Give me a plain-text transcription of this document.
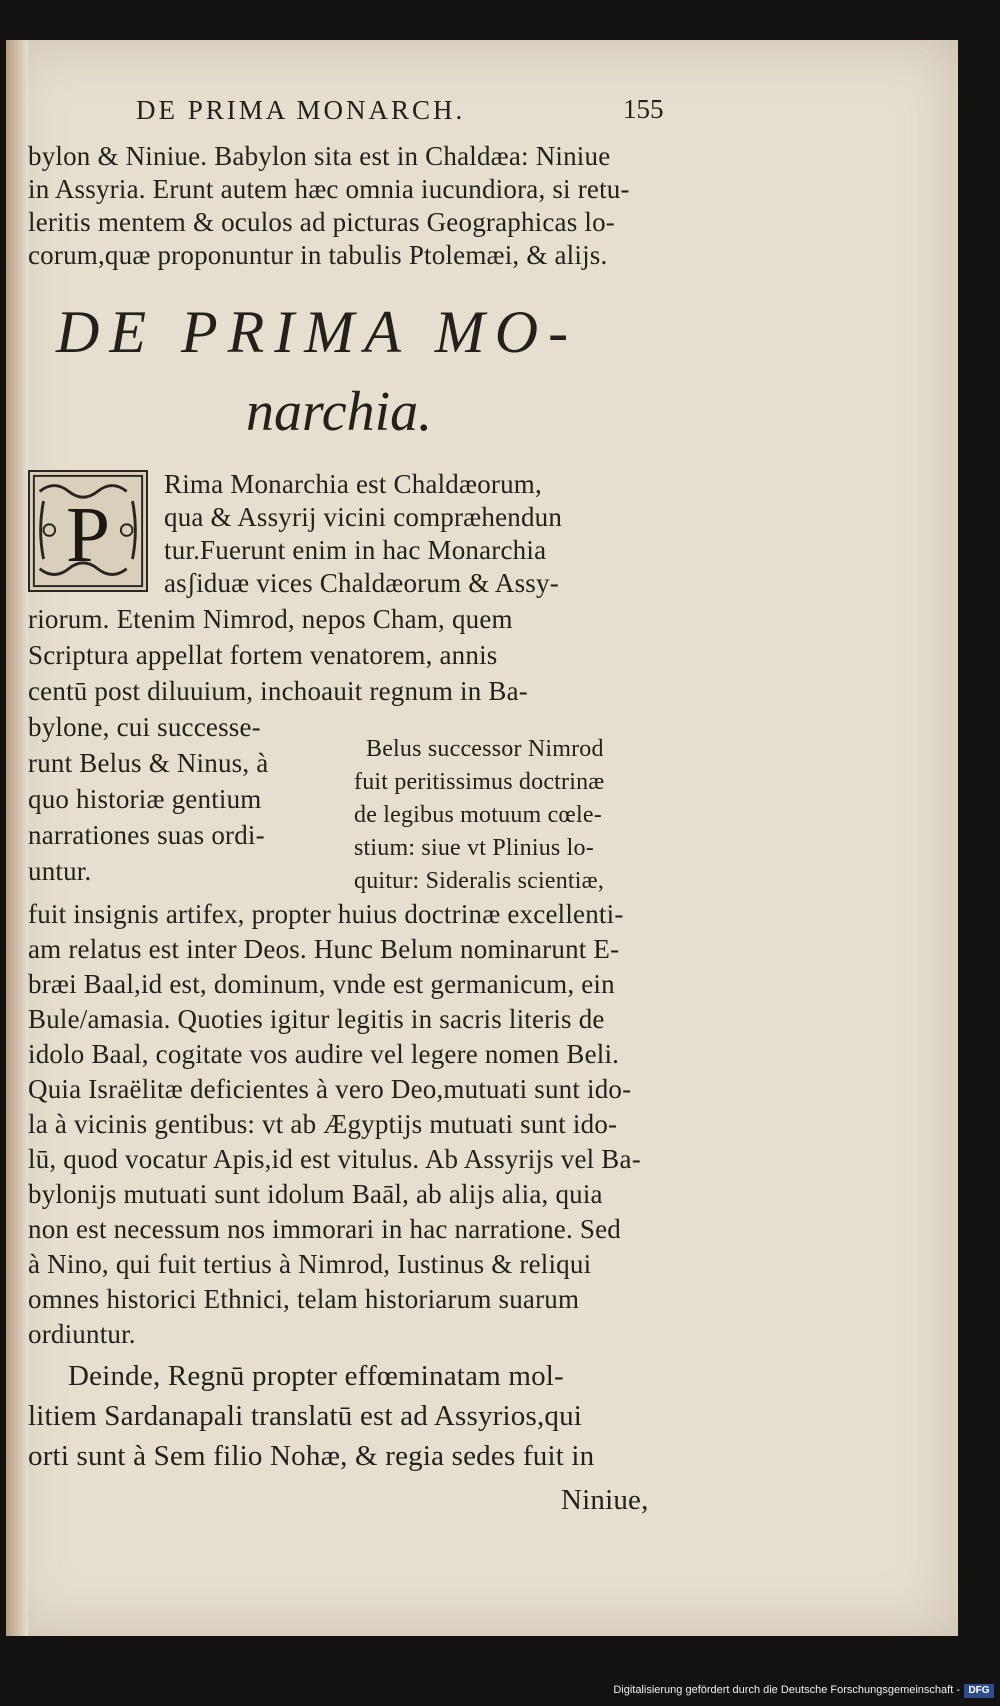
DE PRIMA MONARCH.	155
bylon & Niniue. Babylon sita est in Chaldæa: Niniue
in Assyria. Erunt autem hæc omnia iucundiora, si retu-
leritis mentem & oculos ad picturas Geographicas lo-
corum,quæ proponuntur in tabulis Ptolemæi, & alijs.
DE PRIMA MO-
narchia.
P
Rima Monarchia est Chaldæorum,
qua & Assyrij vicini compræhendun
tur.Fuerunt enim in hac Monarchia
asʃiduæ vices Chaldæorum & Assy-
riorum. Etenim Nimrod, nepos Cham, quem
Scriptura appellat fortem venatorem, annis
centū post diluuium, inchoauit regnum in Ba-
bylone, cui successe-
runt Belus & Ninus, à
quo historiæ gentium
narrationes suas ordi-
untur.
Belus successor Nimrod
fuit peritissimus doctrinæ
de legibus motuum cœle-
stium: siue vt Plinius lo-
quitur: Sideralis scientiæ,
fuit insignis artifex, propter huius doctrinæ excellenti-
am relatus est inter Deos. Hunc Belum nominarunt E-
bræi Baal,id est, dominum, vnde est germanicum, ein
Bule/amasia. Quoties igitur legitis in sacris literis de
idolo Baal, cogitate vos audire vel legere nomen Beli.
Quia Israëlitæ deficientes à vero Deo,mutuati sunt ido-
la à vicinis gentibus: vt ab Ægyptijs mutuati sunt ido-
lū, quod vocatur Apis,id est vitulus. Ab Assyrijs vel Ba-
bylonijs mutuati sunt idolum Baāl, ab alijs alia, quia
non est necessum nos immorari in hac narratione. Sed
à Nino, qui fuit tertius à Nimrod, Iustinus & reliqui
omnes historici Ethnici, telam historiarum suarum
ordiuntur.
Deinde, Regnū propter effœminatam mol-
litiem Sardanapali translatū est ad Assyrios,qui
orti sunt à Sem filio Nohæ, & regia sedes fuit in
Niniue,
Digitalisierung gefördert durch die Deutsche Forschungsgemeinschaft - DFG
